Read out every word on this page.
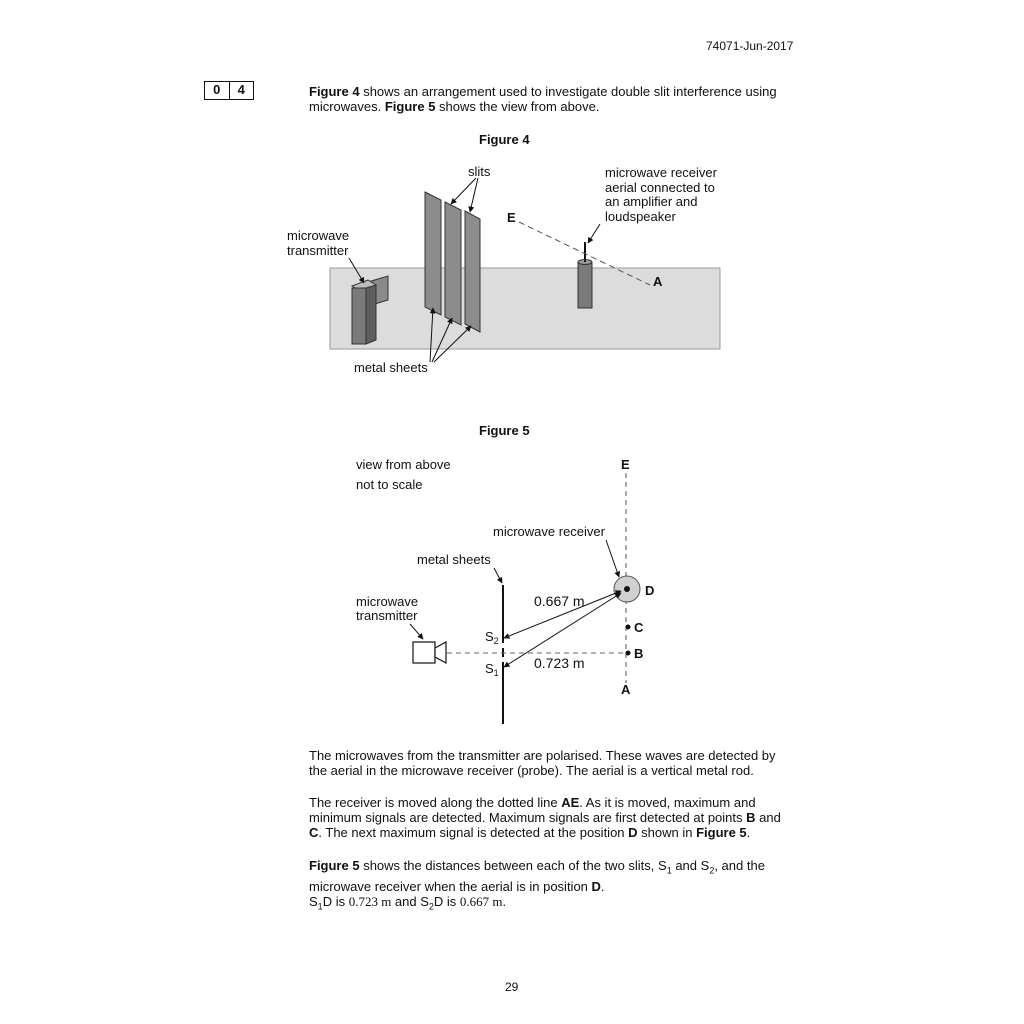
74071-Jun-2017
0	4	Figure 4 shows an arrangement used to investigate double slit interference using microwaves. Figure 5 shows the view from above.
Figure 4
slits	microwave receiver
aerial connected to
an amplifier and
loudspeaker
E
A
microwave
transmitter
metal sheets
Figure 5
view from above
not to scale
E
A
microwave receiver
D
C
B
metal sheets
microwave
transmitter
$S_2$
$S_1$
0.667 m
0.723 m
The microwaves from the transmitter are polarised. These waves are detected by
the aerial in the microwave receiver (probe). The aerial is a vertical metal rod.
The receiver is moved along the dotted line AE. As it is moved, maximum and
minimum signals are detected. Maximum signals are first detected at points B and
C. The next maximum signal is detected at the position D shown in Figure 5.
Figure 5 shows the distances between each of the two slits, $S_1$ and $S_2$, and the
microwave receiver when the aerial is in position D.
$S_1D$ is 0.723 m and $S_2D$ is 0.667 m.
29
